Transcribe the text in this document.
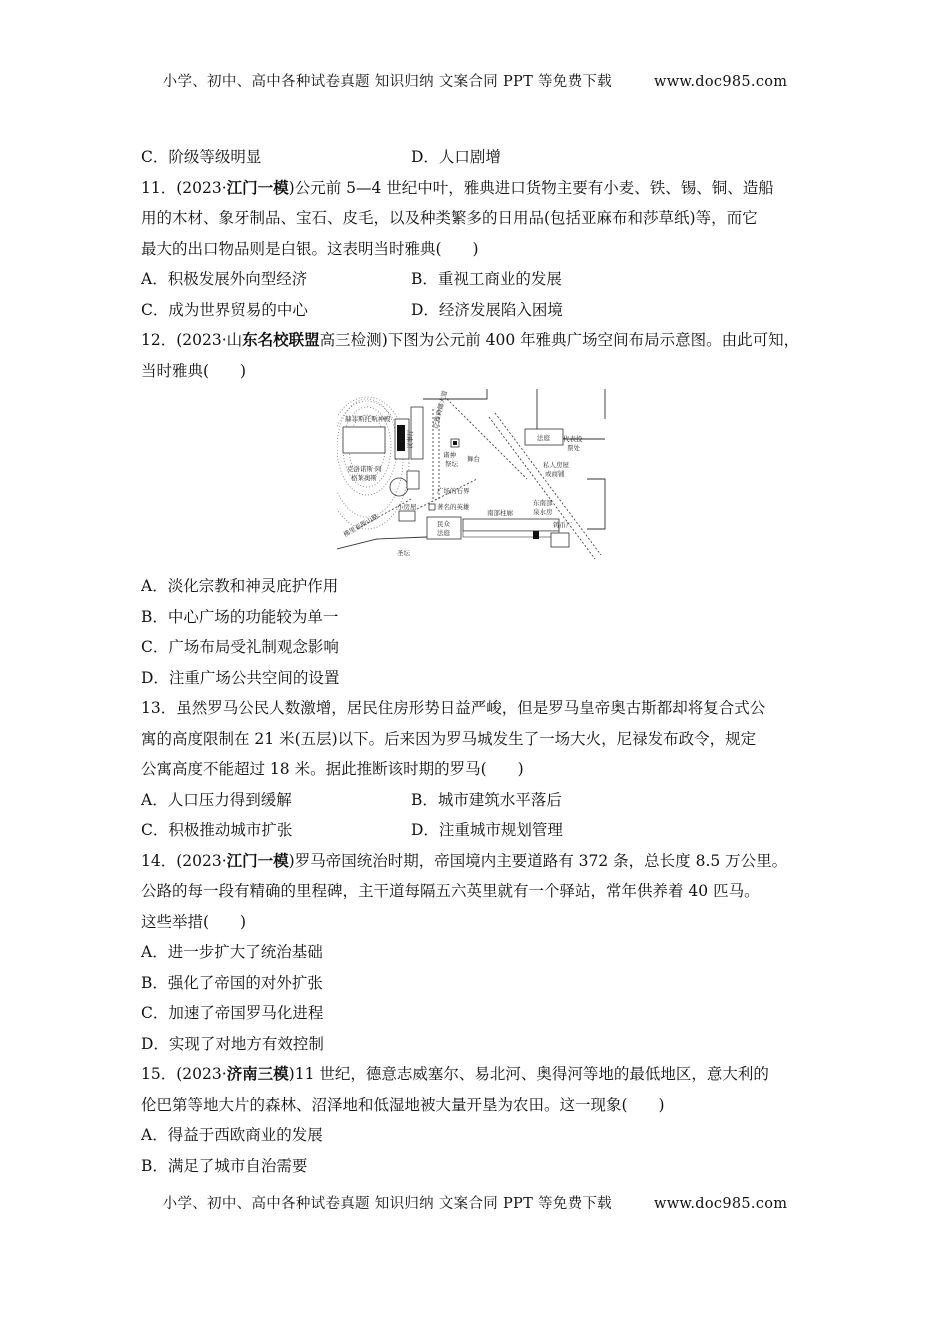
小学、初中、高中各种试卷真题 知识归纳 文案合同 PPT 等免费下载	www.doc985.com
C．阶级等级明显	D．人口剧增
11．(2023·江门一模)公元前 5—4 世纪中叶，雅典进口货物主要有小麦、铁、锡、铜、造船
用的木材、象牙制品、宝石、皮毛，以及种类繁多的日用品(包括亚麻布和莎草纸)等，而它
最大的出口物品则是白银。这表明当时雅典(　　)
A．积极发展外向型经济	B．重视工商业的发展
C．成为世界贸易的中心	D．经济发展陷入困境
12．(2023·山东名校联盟高三检测)下图为公元前 400 年雅典广场空间布局示意图。由此可知，
当时雅典(　　)
赫菲斯托斯神殿
克洛诺斯·阿
格莱奥斯
议事厅
泛雅典娜大道
诸神
祭坛
舞台
法庭 代表投
票处
私人房屋
或商铺
广场的石界
著名的英雄
小房屋
民众
法庭
南部柱廊
东南部
泉水房
铸币厂
圣坛
佛里亚斯山路
A．淡化宗教和神灵庇护作用
B．中心广场的功能较为单一
C．广场布局受礼制观念影响
D．注重广场公共空间的设置
13．虽然罗马公民人数激增，居民住房形势日益严峻，但是罗马皇帝奥古斯都却将复合式公
寓的高度限制在 21 米(五层)以下。后来因为罗马城发生了一场大火，尼禄发布政令，规定
公寓高度不能超过 18 米。据此推断该时期的罗马(　　)
A．人口压力得到缓解	B．城市建筑水平落后
C．积极推动城市扩张	D．注重城市规划管理
14．(2023·江门一模)罗马帝国统治时期，帝国境内主要道路有 372 条，总长度 8.5 万公里。
公路的每一段有精确的里程碑，主干道每隔五六英里就有一个驿站，常年供养着 40 匹马。
这些举措(　　)
A．进一步扩大了统治基础
B．强化了帝国的对外扩张
C．加速了帝国罗马化进程
D．实现了对地方有效控制
15．(2023·济南三模)11 世纪，德意志威塞尔、易北河、奥得河等地的最低地区，意大利的
伦巴第等地大片的森林、沼泽地和低湿地被大量开垦为农田。这一现象(　　)
A．得益于西欧商业的发展
B．满足了城市自治需要
小学、初中、高中各种试卷真题 知识归纳 文案合同 PPT 等免费下载	www.doc985.com
